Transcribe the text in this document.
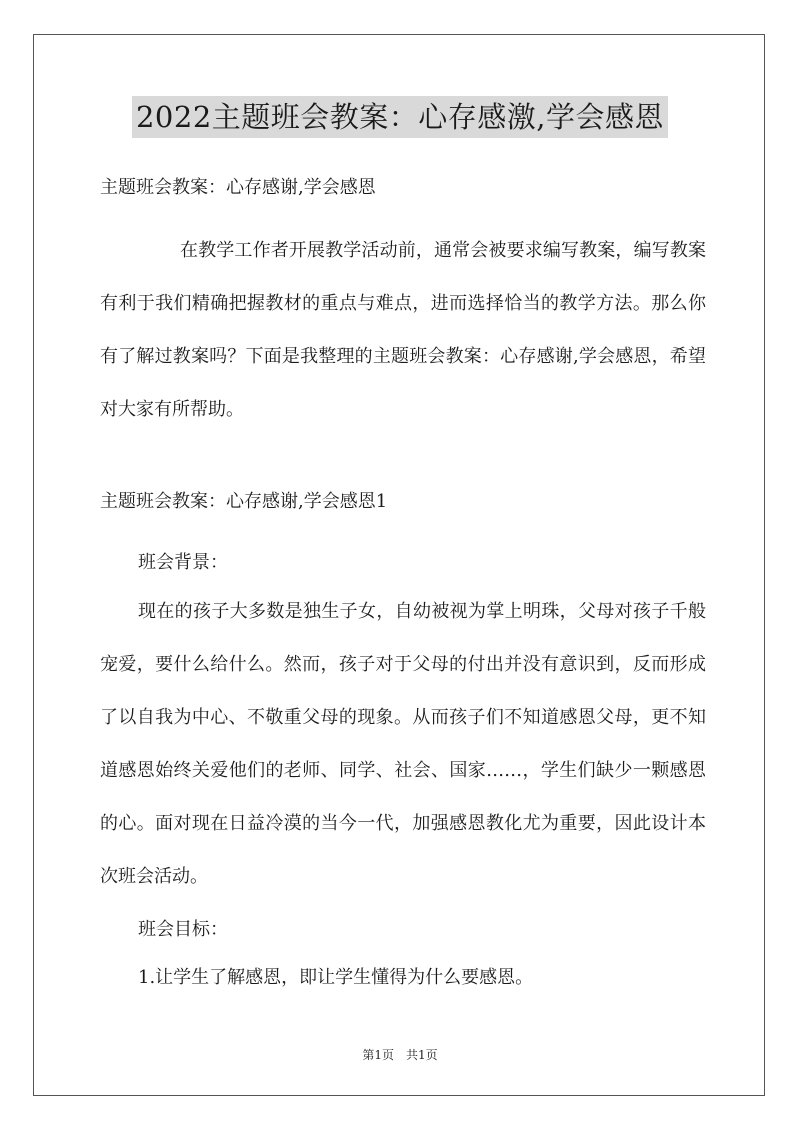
2022主题班会教案：心存感激,学会感恩
主题班会教案：心存感谢,学会感恩
在教学工作者开展教学活动前，通常会被要求编写教案，编写教案有利于我们精确把握教材的重点与难点，进而选择恰当的教学方法。那么你有了解过教案吗？下面是我整理的主题班会教案：心存感谢,学会感恩，希望对大家有所帮助。
主题班会教案：心存感谢,学会感恩1
班会背景：
现在的孩子大多数是独生子女，自幼被视为掌上明珠，父母对孩子千般宠爱，要什么给什么。然而，孩子对于父母的付出并没有意识到，反而形成了以自我为中心、不敬重父母的现象。从而孩子们不知道感恩父母，更不知道感恩始终关爱他们的老师、同学、社会、国家……，学生们缺少一颗感恩的心。面对现在日益冷漠的当今一代，加强感恩教化尤为重要，因此设计本次班会活动。
班会目标：
1.让学生了解感恩，即让学生懂得为什么要感恩。
第1页　共1页
